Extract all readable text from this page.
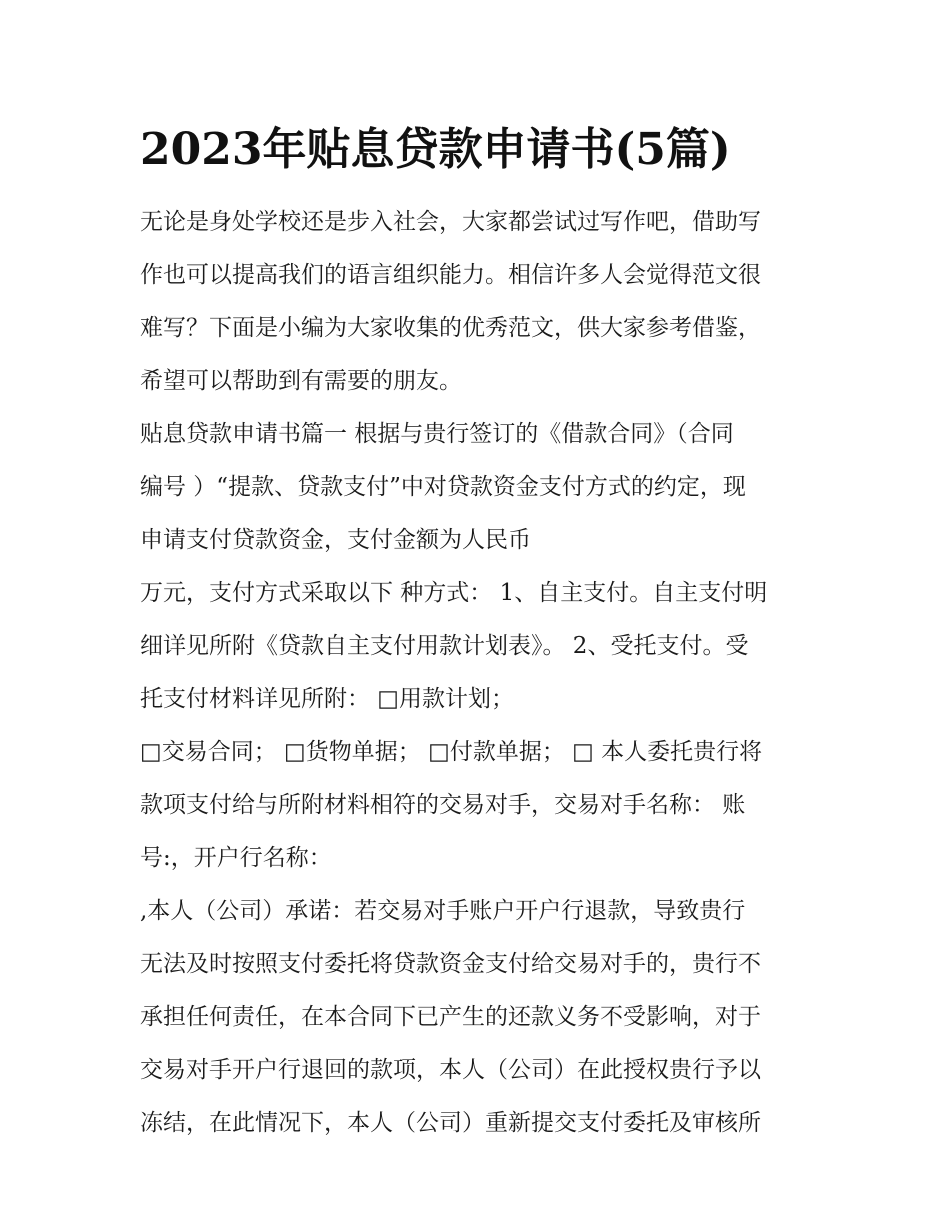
2023年贴息贷款申请书(5篇)
无论是身处学校还是步入社会，大家都尝试过写作吧，借助写
作也可以提高我们的语言组织能力。相信许多人会觉得范文很
难写？下面是小编为大家收集的优秀范文，供大家参考借鉴，
希望可以帮助到有需要的朋友。
贴息贷款申请书篇一 根据与贵行签订的《借款合同》（合同
编号 ）“提款、贷款支付”中对贷款资金支付方式的约定，现
申请支付贷款资金，支付金额为人民币
万元，支付方式采取以下 种方式： 1、自主支付。自主支付明
细详见所附《贷款自主支付用款计划表》。 2、受托支付。受
托支付材料详见所附： □用款计划；
□交易合同； □货物单据； □付款单据； □ 本人委托贵行将
款项支付给与所附材料相符的交易对手，交易对手名称： 账
号:，开户行名称：
,本人（公司）承诺：若交易对手账户开户行退款，导致贵行
无法及时按照支付委托将贷款资金支付给交易对手的，贵行不
承担任何责任，在本合同下已产生的还款义务不受影响，对于
交易对手开户行退回的款项，本人（公司）在此授权贵行予以
冻结，在此情况下，本人（公司）重新提交支付委托及审核所
